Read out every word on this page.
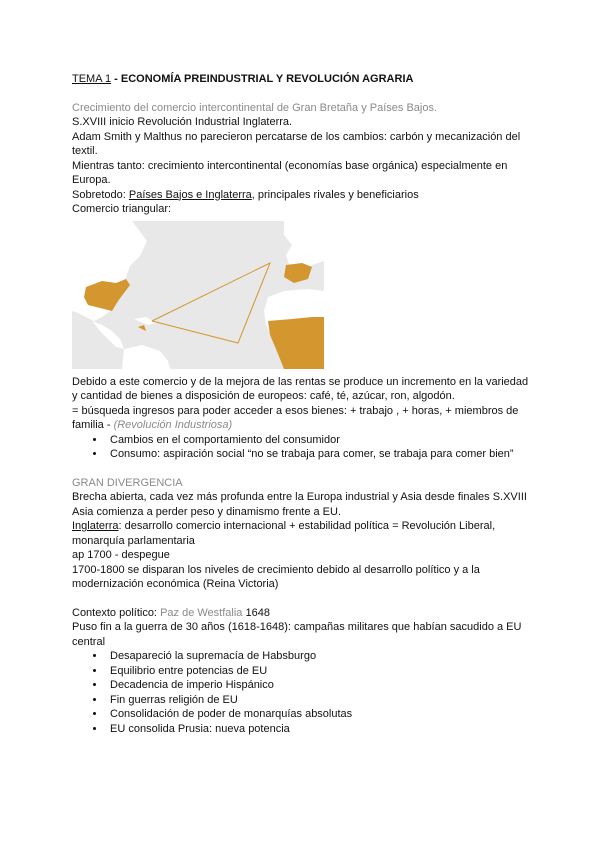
TEMA 1 - ECONOMÍA PREINDUSTRIAL Y REVOLUCIÓN AGRARIA

Crecimiento del comercio intercontinental de Gran Bretaña y Países Bajos.

S.XVIII inicio Revolución Industrial Inglaterra.

Adam Smith y Malthus no parecieron percatarse de los cambios: carbón y mecanización del textil.

Mientras tanto: crecimiento intercontinental (economías base orgánica) especialmente en Europa.

Sobretodo: Países Bajos e Inglaterra, principales rivales y beneficiarios

Comercio triangular:

Debido a este comercio y de la mejora de las rentas se produce un incremento en la variedad y cantidad de bienes a disposición de europeos: café, té, azúcar, ron, algodón.

= búsqueda ingresos para poder acceder a esos bienes: + trabajo , + horas, + miembros de familia - (Revolución Industriosa)

• Cambios en el comportamiento del consumidor
• Consumo: aspiración social “no se trabaja para comer, se trabaja para comer bien”

GRAN DIVERGENCIA

Brecha abierta, cada vez más profunda entre la Europa industrial y Asia desde finales S.XVIII

Asia comienza a perder peso y dinamismo frente a EU.

Inglaterra: desarrollo comercio internacional + estabilidad política = Revolución Liberal, monarquía parlamentaria

ap 1700 - despegue

1700-1800 se disparan los niveles de crecimiento debido al desarrollo político y a la modernización económica (Reina Victoria)

Contexto político: Paz de Westfalia 1648

Puso fin a la guerra de 30 años (1618-1648): campañas militares que habían sacudido a EU central

• Desapareció la supremacía de Habsburgo
• Equilibrio entre potencias de EU
• Decadencia de imperio Hispánico
• Fin guerras religión de EU
• Consolidación de poder de monarquías absolutas
• EU consolida Prusia: nueva potencia
